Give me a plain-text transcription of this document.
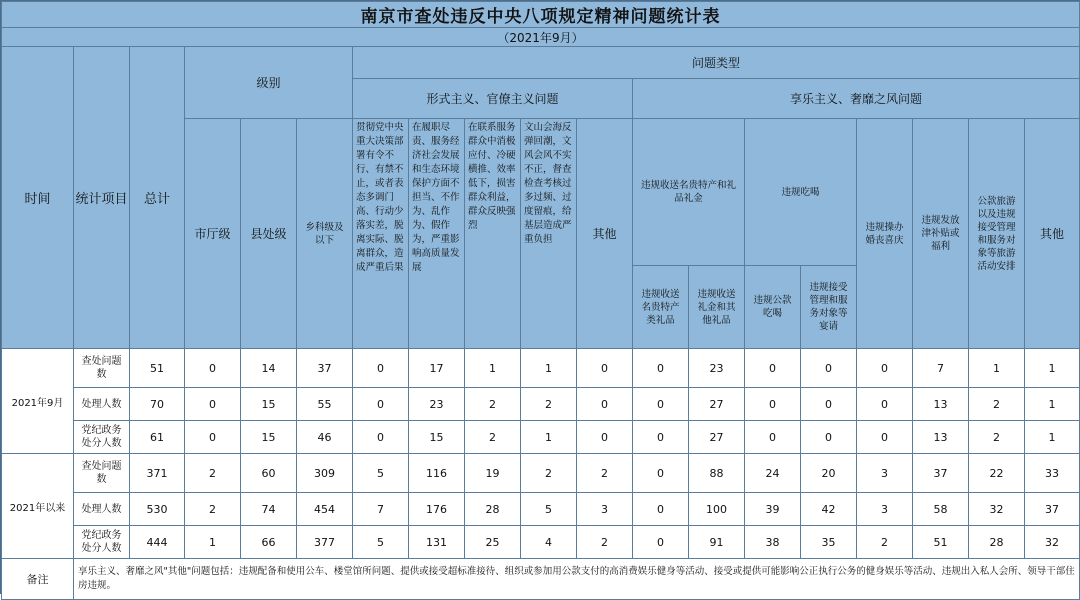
南京市查处违反中央八项规定精神问题统计表																		
（2021年9月）																		
时间	统计项目	总计	级别			问题类型												
						形式主义、官僚主义问题					享乐主义、奢靡之风问题							

			市厅级	县处级	乡科级及以下	贯彻党中央重大决策部署有令不行、有禁不止，或者表态多调门高、行动少落实差，脱离实际、脱离群众，造成严重后果	在履职尽责、服务经济社会发展和生态环境保护方面不担当、不作为、乱作为、假作为，严重影响高质量发展	在联系服务群众中消极应付、冷硬横推、效率低下，损害群众利益，群众反映强烈	文山会海反弹回潮，文风会风不实不正，督查检查考核过多过频、过度留痕，给基层造成严重负担	其他	违规收送名贵特产和礼品礼金		违规吃喝		违规操办婚丧喜庆	违规发放津补贴或福利	公款旅游以及违规接受管理和服务对象等旅游活动安排	其他
											违规收送名贵特产类礼品	违规收送礼金和其他礼品	违规公款吃喝	违规接受管理和服务对象等宴请				
2021年9月	查处问题数	51	0	14	37	0	17	1	1	0	0	23	0	0	0	7	1	1
	处理人数	70	0	15	55	0	23	2	2	0	0	27	0	0	0	13	2	1
	党纪政务处分人数	61	0	15	46	0	15	2	1	0	0	27	0	0	0	13	2	1
2021年以来	查处问题数	371	2	60	309	5	116	19	2	2	0	88	24	20	3	37	22	33
	处理人数	530	2	74	454	7	176	28	5	3	0	100	39	42	3	58	32	37
	党纪政务处分人数	444	1	66	377	5	131	25	4	2	0	91	38	35	2	51	28	32
备注	享乐主义、奢靡之风"其他"问题包括：违规配备和使用公车、楼堂馆所问题、提供或接受超标准接待、组织或参加用公款支付的高消费娱乐健身等活动、接受或提供可能影响公正执行公务的健身娱乐等活动、违规出入私人会所、领导干部住房违规。																	
